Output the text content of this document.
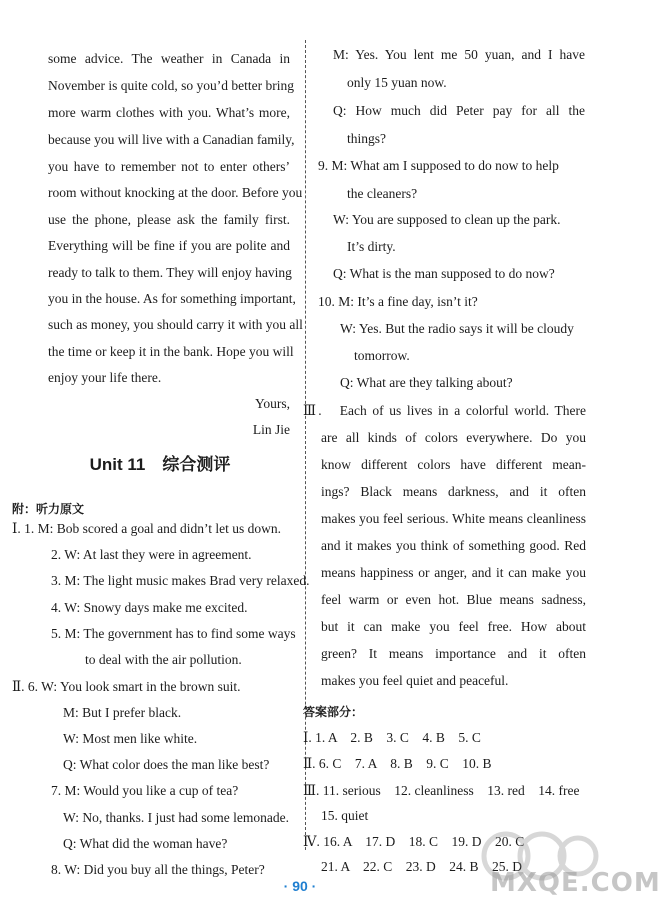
some advice. The weather in Canada in
November is quite cold, so you’d better bring
more warm clothes with you. What’s more,
because you will live with a Canadian family,
you have to remember not to enter others’
room without knocking at the door. Before you
use the phone, please ask the family first.
Everything will be fine if you are polite and
ready to talk to them. They will enjoy having
you in the house. As for something important,
such as money, you should carry it with you all
the time or keep it in the bank. Hope you will
enjoy your life there.
Yours,
Lin Jie
Unit 11　综合测评
附：听力原文
Ⅰ. 1. M: Bob scored a goal and didn’t let us down.
2. W: At last they were in agreement.
3. M: The light music makes Brad very relaxed.
4. W: Snowy days make me excited.
5. M: The government has to find some ways
to deal with the air pollution.
Ⅱ. 6. W: You look smart in the brown suit.
M: But I prefer black.
W: Most men like white.
Q: What color does the man like best?
7. M: Would you like a cup of tea?
W: No, thanks. I just had some lemonade.
Q: What did the woman have?
8. W: Did you buy all the things, Peter?
M: Yes. You lent me 50 yuan, and I have
only 15 yuan now.
Q: How much did Peter pay for all the
things?
9. M: What am I supposed to do now to help
the cleaners?
W: You are supposed to clean up the park.
It’s dirty.
Q: What is the man supposed to do now?
10. M: It’s a fine day, isn’t it?
W: Yes. But the radio says it will be cloudy
tomorrow.
Q: What are they talking about?
Ⅲ.　Each of us lives in a colorful world. There
are all kinds of colors everywhere. Do you
know different colors have different mean-
ings? Black means darkness, and it often
makes you feel serious. White means cleanliness
and it makes you think of something good. Red
means happiness or anger, and it can make you
feel warm or even hot. Blue means sadness,
but it can make you feel free. How about
green? It means importance and it often
makes you feel quiet and peaceful.
答案部分：
Ⅰ. 1. A　2. B　3. C　4. B　5. C
Ⅱ. 6. C　7. A　8. B　9. C　10. B
Ⅲ. 11. serious　12. cleanliness　13. red　14. free
15. quiet
Ⅳ. 16. A　17. D　18. C　19. D　20. C
21. A　22. C　23. D　24. B　25. D
· 90 ·	MXQE.COM
